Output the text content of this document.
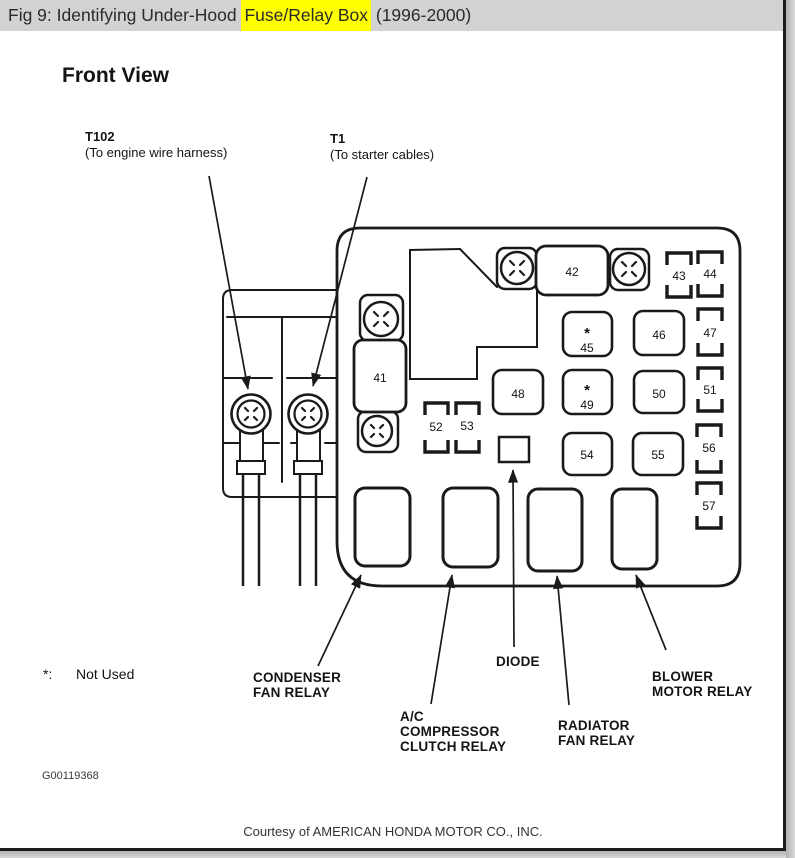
Fig 9: Identifying Under-Hood Fuse/Relay Box (1996-2000)
Front View
T102
(To engine wire harness)
T1
(To starter cables)
42
41
*
45
46
48	*
49
50
54	55
43 44
47
51
56
57
52 53
CONDENSER
FAN RELAY
A/C
COMPRESSOR
CLUTCH RELAY
DIODE
RADIATOR
FAN RELAY
BLOWER
MOTOR RELAY
*: Not Used
G00119368
Courtesy of AMERICAN HONDA MOTOR CO., INC.
